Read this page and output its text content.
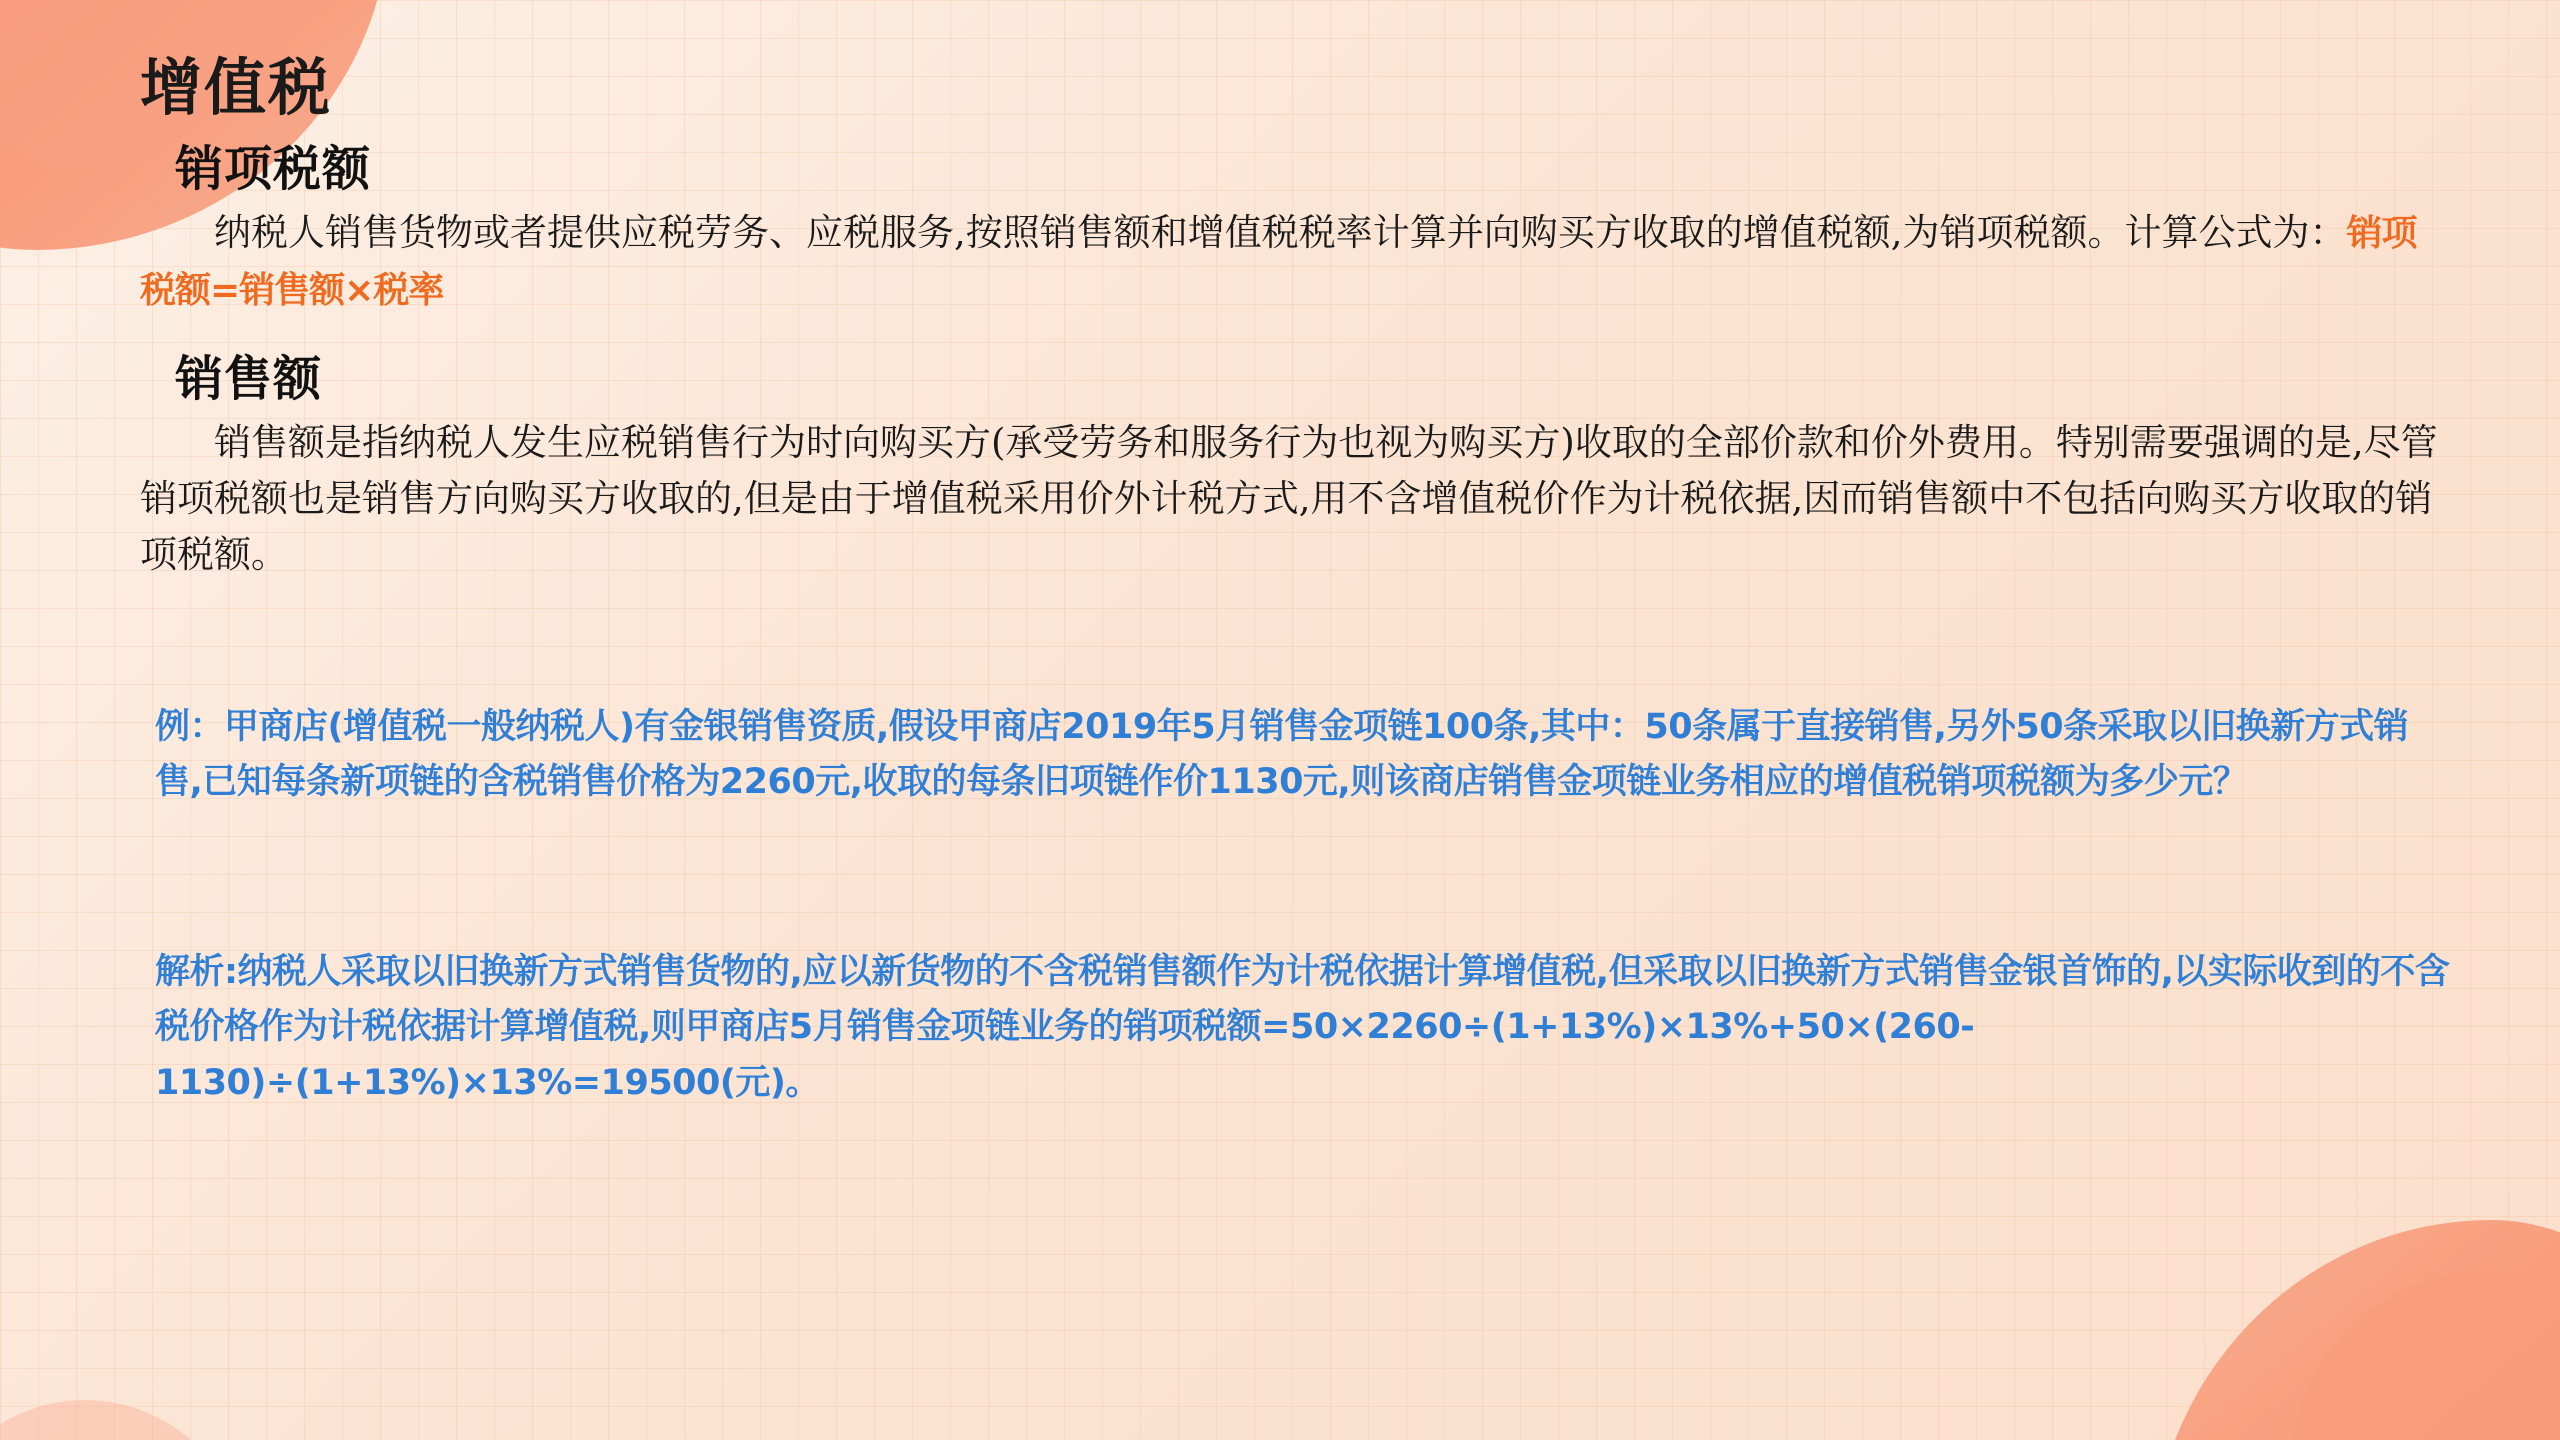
增值税
销项税额
纳税人销售货物或者提供应税劳务、应税服务,按照销售额和增值税税率计算并向购买方收取的增值税额,为销项税额。计算公式为：销项税额=销售额×税率
销售额
销售额是指纳税人发生应税销售行为时向购买方(承受劳务和服务行为也视为购买方)收取的全部价款和价外费用。特别需要强调的是,尽管销项税额也是销售方向购买方收取的,但是由于增值税采用价外计税方式,用不含增值税价作为计税依据,因而销售额中不包括向购买方收取的销项税额。
例：甲商店(增值税一般纳税人)有金银销售资质,假设甲商店2019年5月销售金项链100条,其中：50条属于直接销售,另外50条采取以旧换新方式销售,已知每条新项链的含税销售价格为2260元,收取的每条旧项链作价1130元,则该商店销售金项链业务相应的增值税销项税额为多少元？
解析:纳税人采取以旧换新方式销售货物的,应以新货物的不含税销售额作为计税依据计算增值税,但采取以旧换新方式销售金银首饰的,以实际收到的不含税价格作为计税依据计算增值税,则甲商店5月销售金项链业务的销项税额=50×2260÷(1+13%)×13%+50×(260-1130)÷(1+13%)×13%=19500(元)。
